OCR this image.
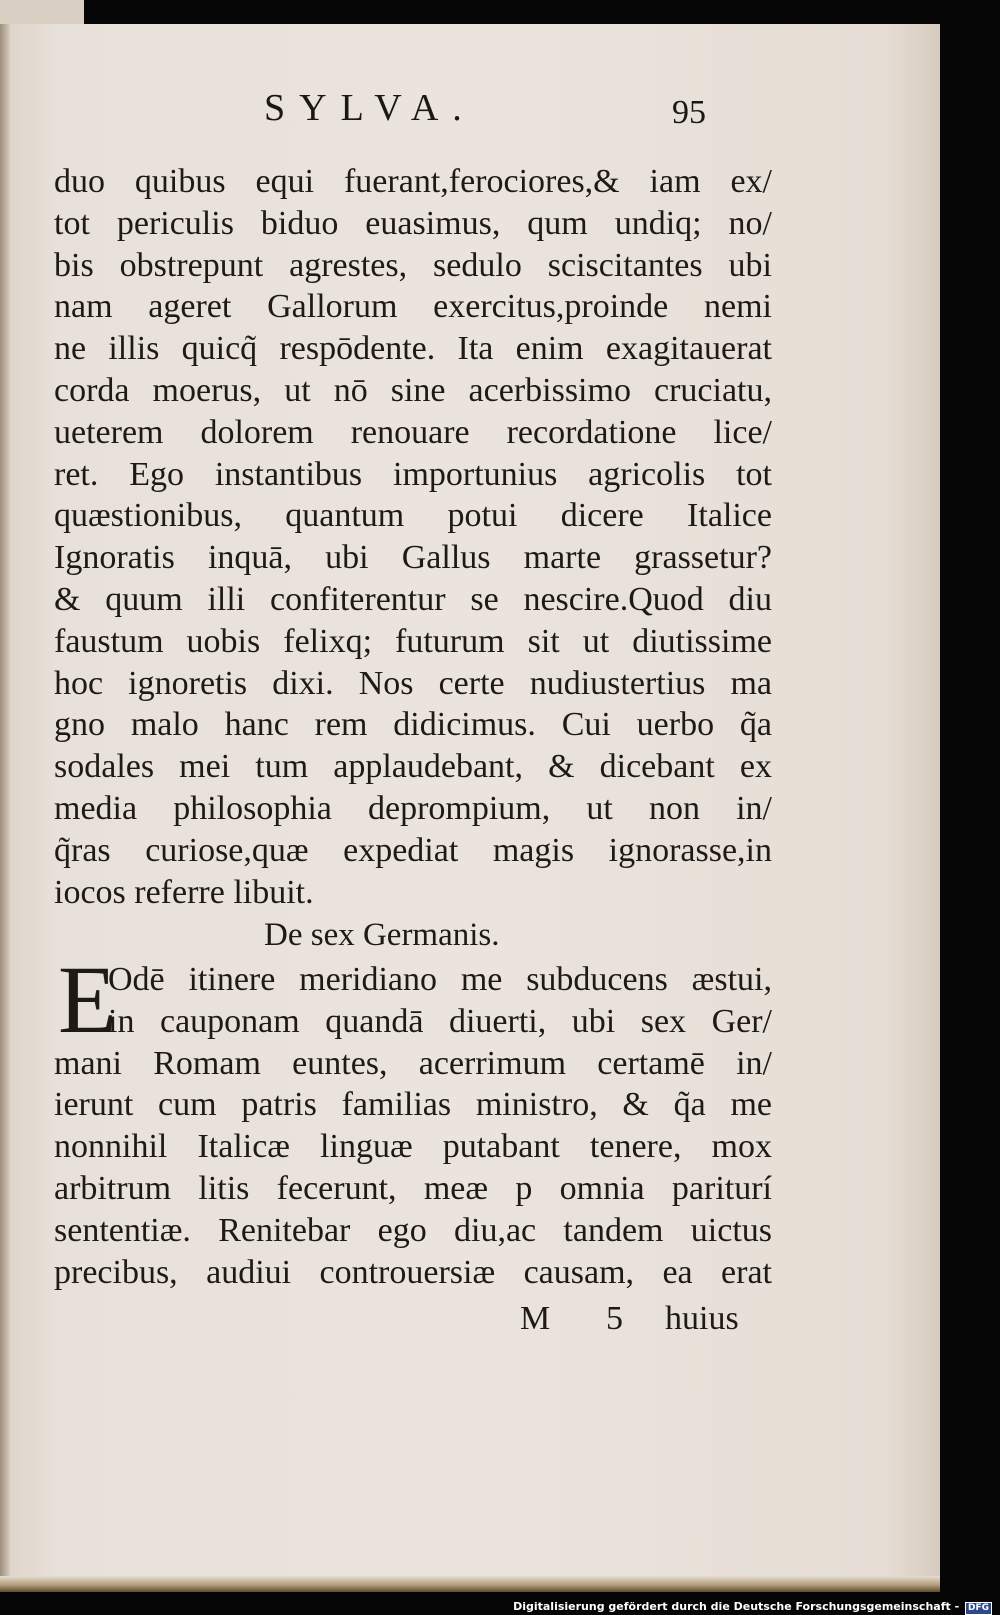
SYLVA.	95
duo quibus equi fuerant,ferociores,& iam ex/
tot periculis biduo euasimus, qum undiq; no/
bis obstrepunt agrestes, sedulo sciscitantes ubi
nam ageret Gallorum exercitus,proinde nemi
ne illis quicq̃ respōdente. Ita enim exagitauerat
corda moerus, ut nō sine acerbissimo cruciatu,
ueterem dolorem renouare recordatione lice/
ret. Ego instantibus importunius agricolis tot
quæstionibus, quantum potui dicere Italice
Ignoratis inquā, ubi Gallus marte grassetur?
& quum illi confiterentur se nescire.Quod diu
faustum uobis felixq; futurum sit ut diutissime
hoc ignoretis dixi. Nos certe nudiustertius ma
gno malo hanc rem didicimus. Cui uerbo q̃a
sodales mei tum applaudebant, & dicebant ex
media philosophia deprompium, ut non in/
q̃ras curiose,quæ expediat magis ignorasse,in
iocos referre libuit.
De sex Germanis.
E
Odē itinere meridiano me subducens æstui,
in cauponam quandā diuerti, ubi sex Ger/
mani Romam euntes, acerrimum certamē in/
ierunt cum patris familias ministro, & q̃a me
nonnihil Italicæ linguæ putabant tenere, mox
arbitrum litis fecerunt, meæ p omnia pariturí
sententiæ. Renitebar ego diu,ac tandem uictus
precibus, audiui controuersiæ causam, ea erat
M 5 huius
Digitalisierung gefördert durch die Deutsche Forschungsgemeinschaft - DFG
